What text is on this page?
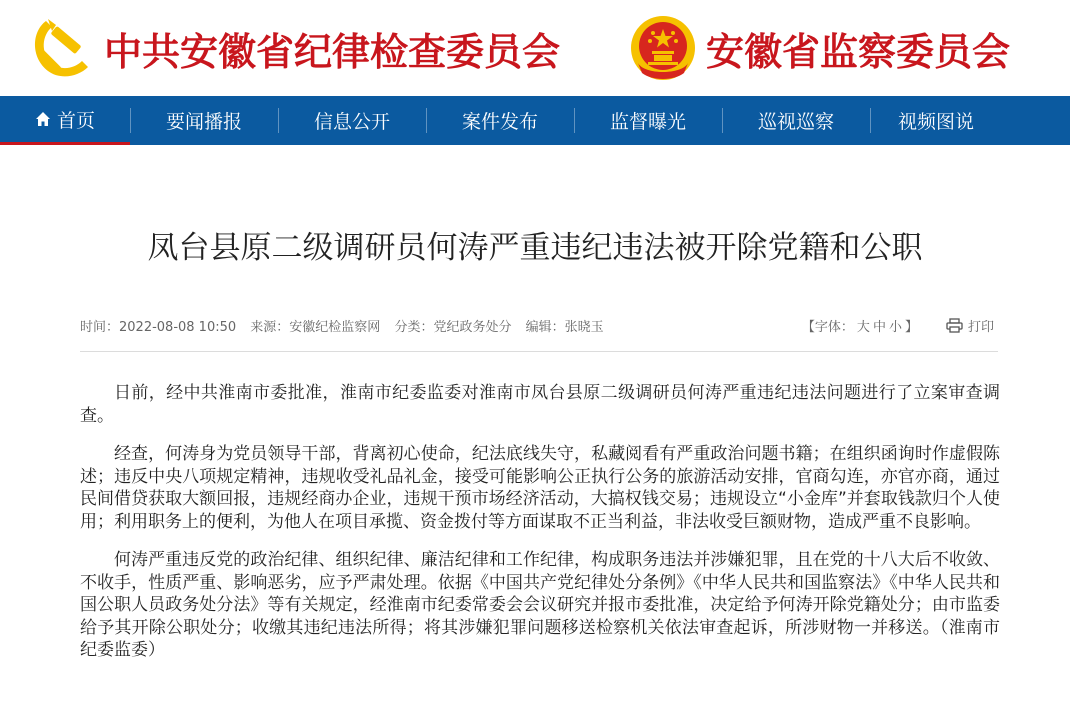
中共安徽省纪律检查委员会	安徽省监察委员会
首页	要闻播报	信息公开	案件发布	监督曝光	巡视巡察	视频图说
凤台县原二级调研员何涛严重违纪违法被开除党籍和公职
时间：2022-08-08 10:50 来源：安徽纪检监察网 分类：党纪政务处分 编辑：张晓玉	【字体： 大 中 小 】	打印

日前，经中共淮南市委批准，淮南市纪委监委对淮南市凤台县原二级调研员何涛严重违纪违法问题进行了立案审查调查。

经查，何涛身为党员领导干部，背离初心使命，纪法底线失守，私藏阅看有严重政治问题书籍；在组织函询时作虚假陈述；违反中央八项规定精神，违规收受礼品礼金，接受可能影响公正执行公务的旅游活动安排，官商勾连，亦官亦商，通过民间借贷获取大额回报，违规经商办企业，违规干预市场经济活动，大搞权钱交易；违规设立“小金库”并套取钱款归个人使用；利用职务上的便利，为他人在项目承揽、资金拨付等方面谋取不正当利益，非法收受巨额财物，造成严重不良影响。

何涛严重违反党的政治纪律、组织纪律、廉洁纪律和工作纪律，构成职务违法并涉嫌犯罪，且在党的十八大后不收敛、不收手，性质严重、影响恶劣，应予严肃处理。依据《中国共产党纪律处分条例》《中华人民共和国监察法》《中华人民共和国公职人员政务处分法》等有关规定，经淮南市纪委常委会会议研究并报市委批准，决定给予何涛开除党籍处分；由市监委给予其开除公职处分；收缴其违纪违法所得；将其涉嫌犯罪问题移送检察机关依法审查起诉，所涉财物一并移送。（淮南市纪委监委）
